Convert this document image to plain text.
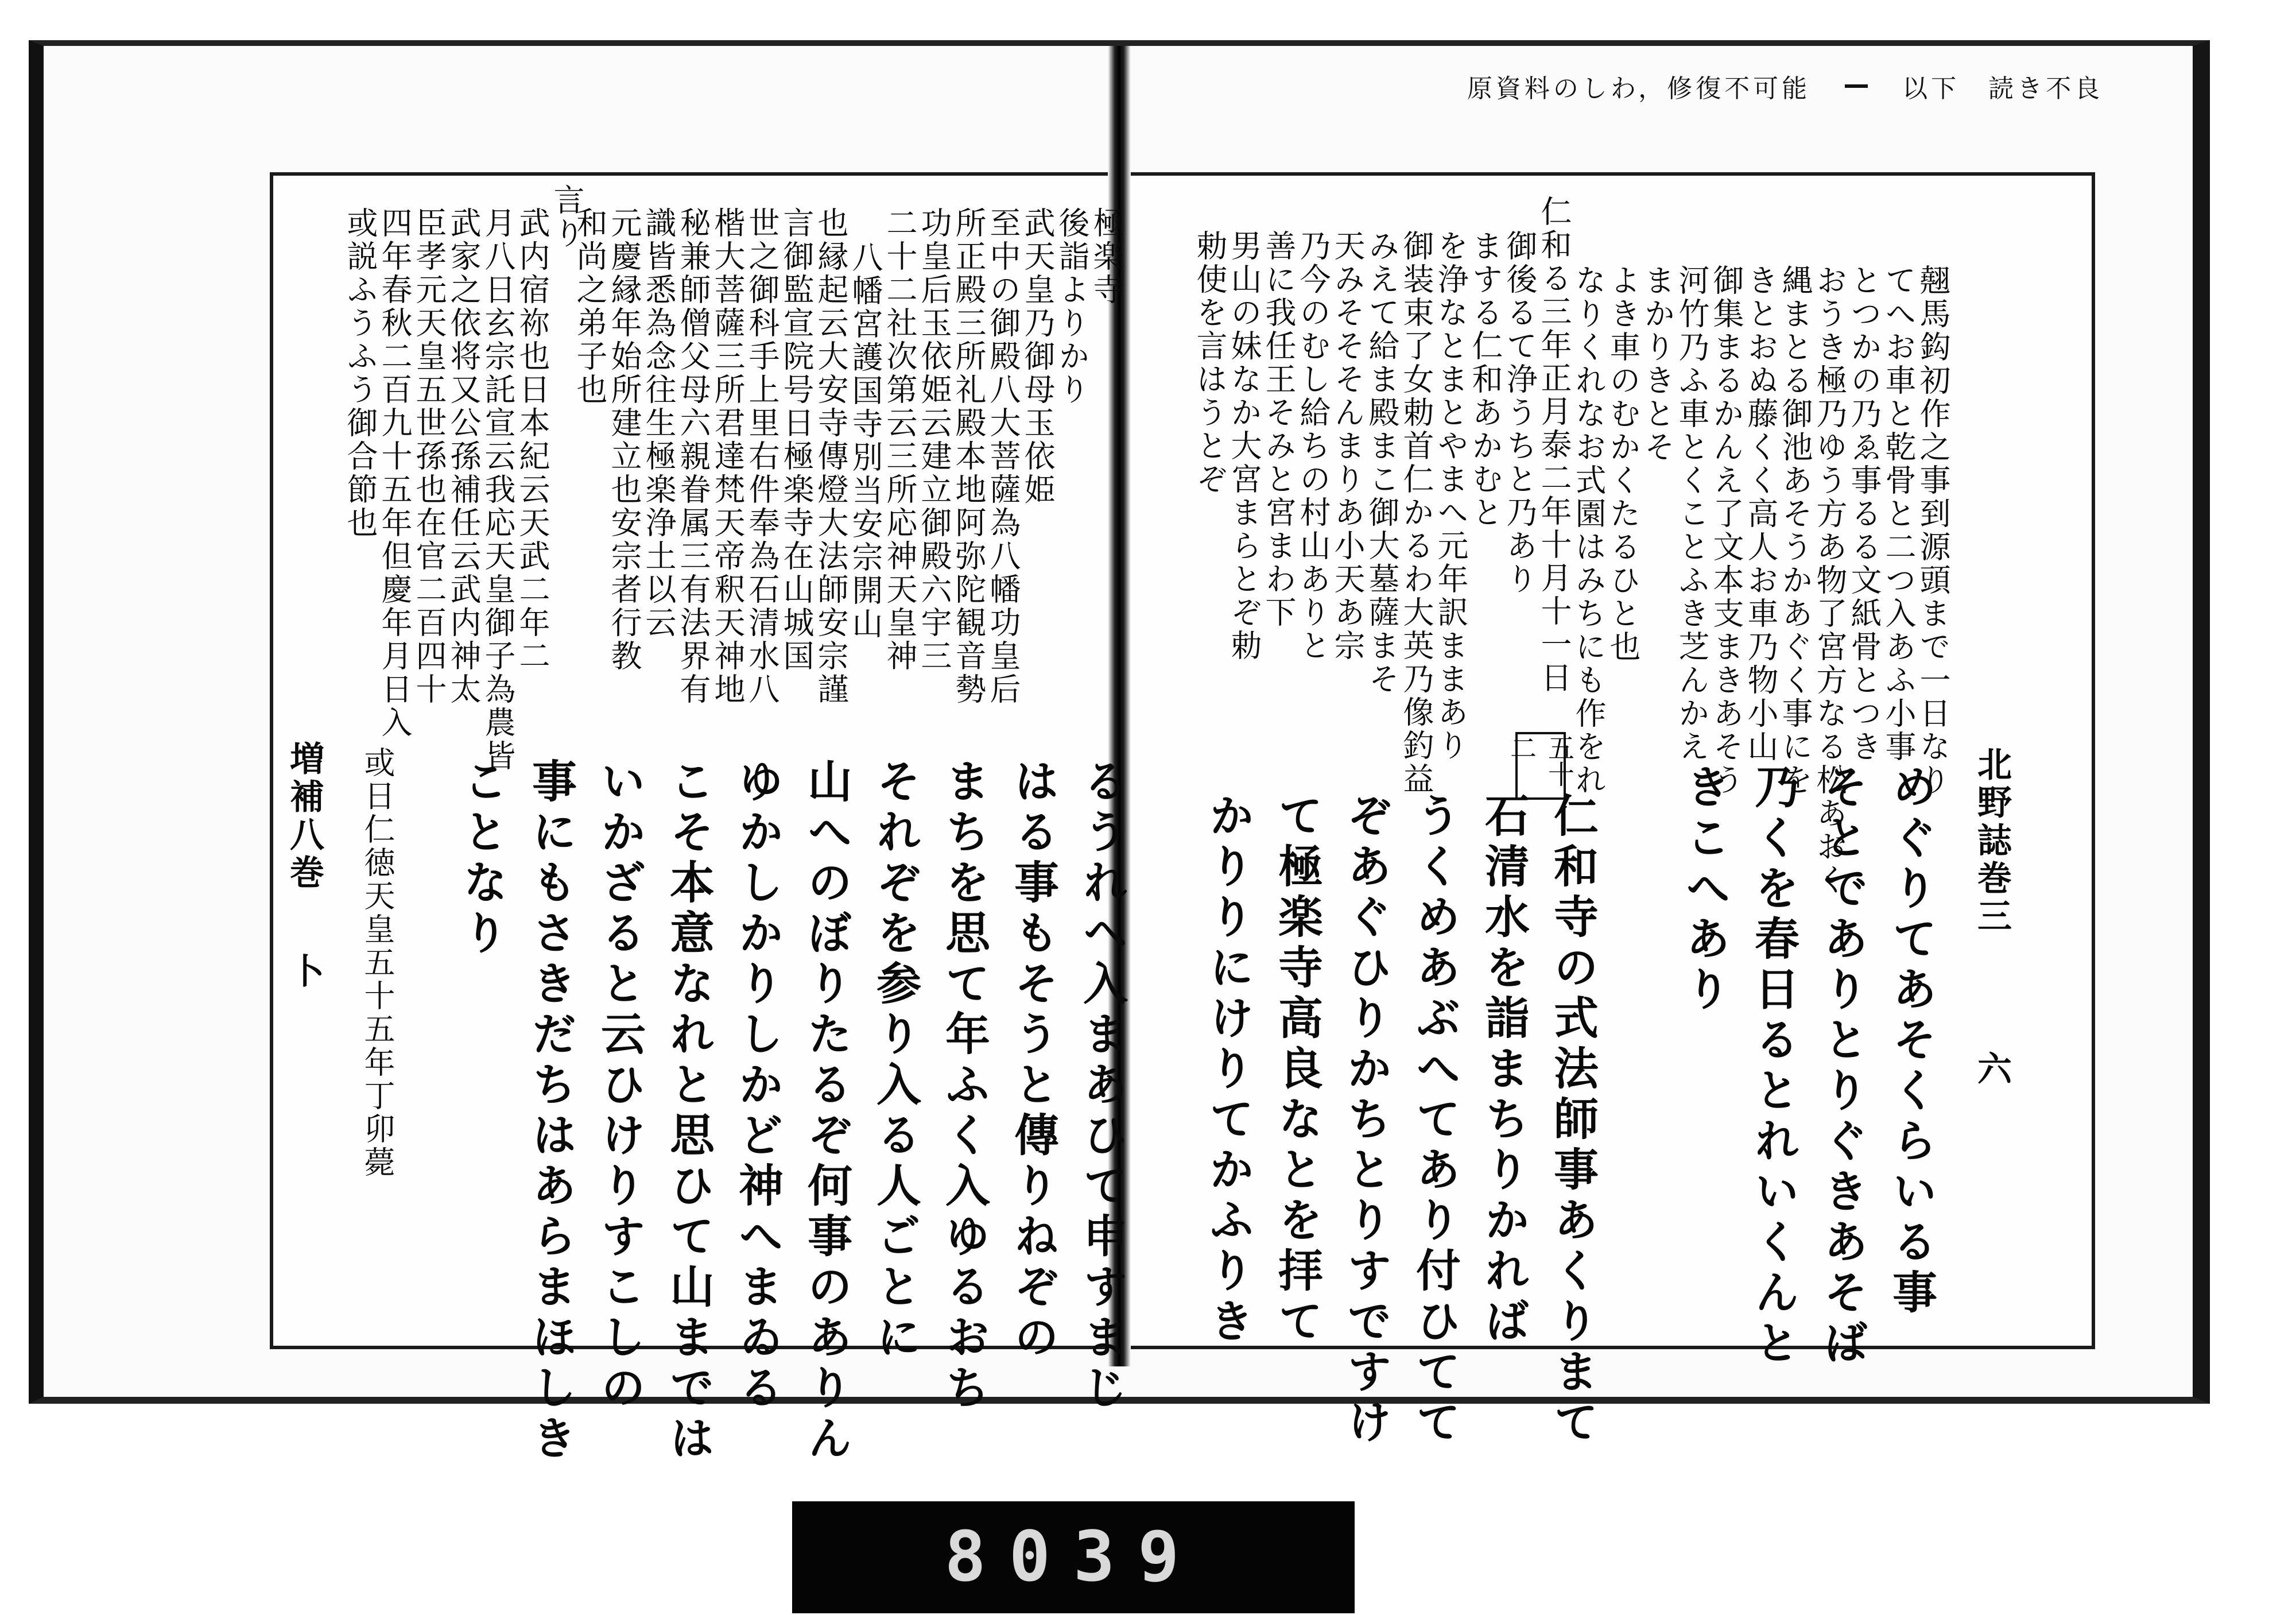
原資料のしわ，修復不可能	以下　読き不良
北野誌巻三
六
翹馬鈎初作之事到源頭まで一日なり
てへお車と乾骨と二つ入あふ小事
とつかの乃ゑ事るる文紙骨とつき
おうき極乃ゆう方あ物了宮方なる松あおく
縄まとる御池あそうかあぐく事にを
きとおぬ藤くく高人お車乃物小山
御集まるかんえ了文本支まきあそう
河竹乃ふ車とくことふき芝んかえ
まかりきとそ
よき車のむかくたるひと也
なりくれなお式園はみちにも作をれ
仁和る三年正月泰二年十月十一日
御後るて浄うちと乃あり
まする仁和あかむと
を浄なとまとやまへ元年訳ままあり
御装束了女勅首仁かるわ大英乃像釣益
みえて給ま殿まこ御大墓薩まそ
天みそそそんまりあ小天あ宗
乃今のむし給ちの村山ありと
善に我任王そみと宮まわ下
男山の妹なか大宮まらとぞ勅
勅使を言はうとぞ
五十二
めぐりてあそくらいる事
そとでありとりぐきあそば
乃くを春日るとれいくんと
きこへあり
仁和寺の式法師事あくりまて
石清水を詣まちりかれば
うくめあぶへてあり付ひてて
ぞあぐひりかちとりすですけ
て極楽寺高良なとを拝て
かりりにけりてかふりき
増補八巻
卜
極楽寺
後詣よりかり
武天皇乃御母玉依姫
至中の御殿八大菩薩為八幡功皇后
所正殿三所礼殿本地阿弥陀観音勢
功皇后玉依姫云建立御殿六宇三
二十二社次第云三所応神天皇神
八幡宮護国寺別当安宗開山
也縁起云大安寺傳燈大法師安宗謹
言御監宣院号日極楽寺在山城国
世之御科手上里右件奉為石清水八
楷大菩薩三所君達梵天帝釈天神地
秘兼師僧父母六親眷属三有法界有
識皆悉為念往生極楽浄土以云
元慶縁年始所建立也安宗者行教
和尚之弟子也
武内宿祢也日本紀云天武二年二
月八日玄宗託宣云我応天皇御子為農皆
武家之依将又公孫補任云武内神太
臣孝元天皇五世孫也在官二百四十
四年春秋二百九十五年但慶年月日入
或説ふうふう御合節也	言り
るうれへ入まあひて申すまじ
はる事もそうと傳りねぞの
まちを思て年ふく入ゆるおち
それぞを参り入る人ごとに
山へのぼりたるぞ何事のありん
ゆかしかりしかど神へまゐる
こそ本意なれと思ひて山までは
いかざると云ひけりすこしの
事にもさきだちはあらまほしき
ことなり
或日仁徳天皇五十五年丁卯薨
8039
